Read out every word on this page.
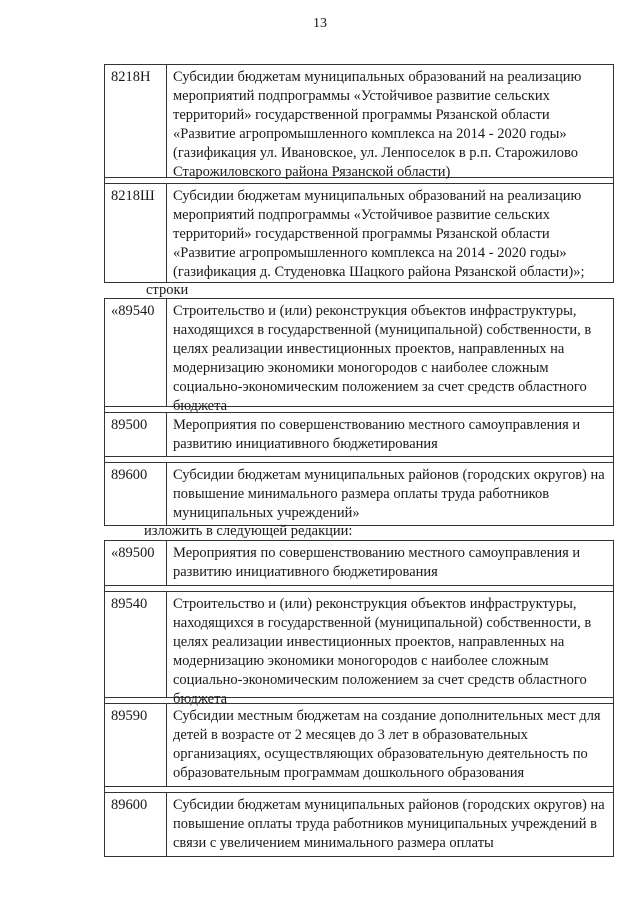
13
8218Н	Субсидии бюджетам муниципальных образований на реализацию мероприятий подпрограммы «Устойчивое развитие сельских территорий» государственной программы Рязанской области «Развитие агропромышленного комплекса на 2014 - 2020 годы» (газификация ул. Ивановское, ул. Ленпоселок в р.п. Старожилово Старожиловского района Рязанской области)
8218Ш	Субсидии бюджетам муниципальных образований на реализацию мероприятий подпрограммы «Устойчивое развитие сельских территорий» государственной программы Рязанской области «Развитие агропромышленного комплекса на 2014 - 2020 годы» (газификация д. Студеновка Шацкого района Рязанской области)»;
строки
«89540	Строительство и (или) реконструкция объектов инфраструктуры, находящихся в государственной (муниципальной) собственности, в целях реализации инвестиционных проектов, направленных на модернизацию экономики моногородов с наиболее сложным социально-экономическим положением за счет средств областного бюджета
89500	Мероприятия по совершенствованию местного самоуправления и развитию инициативного бюджетирования
89600	Субсидии бюджетам муниципальных районов (городских округов) на повышение минимального размера оплаты труда работников муниципальных учреждений»
изложить в следующей редакции:
«89500	Мероприятия по совершенствованию местного самоуправления и развитию инициативного бюджетирования
89540	Строительство и (или) реконструкция объектов инфраструктуры, находящихся в государственной (муниципальной) собственности, в целях реализации инвестиционных проектов, направленных на модернизацию экономики моногородов с наиболее сложным социально-экономическим положением за счет средств областного бюджета
89590	Субсидии местным бюджетам на создание дополнительных мест для детей в возрасте от 2 месяцев до 3 лет в образовательных организациях, осуществляющих образовательную деятельность по образовательным программам дошкольного образования
89600	Субсидии бюджетам муниципальных районов (городских округов) на повышение оплаты труда работников муниципальных учреждений в связи с увеличением минимального размера оплаты
